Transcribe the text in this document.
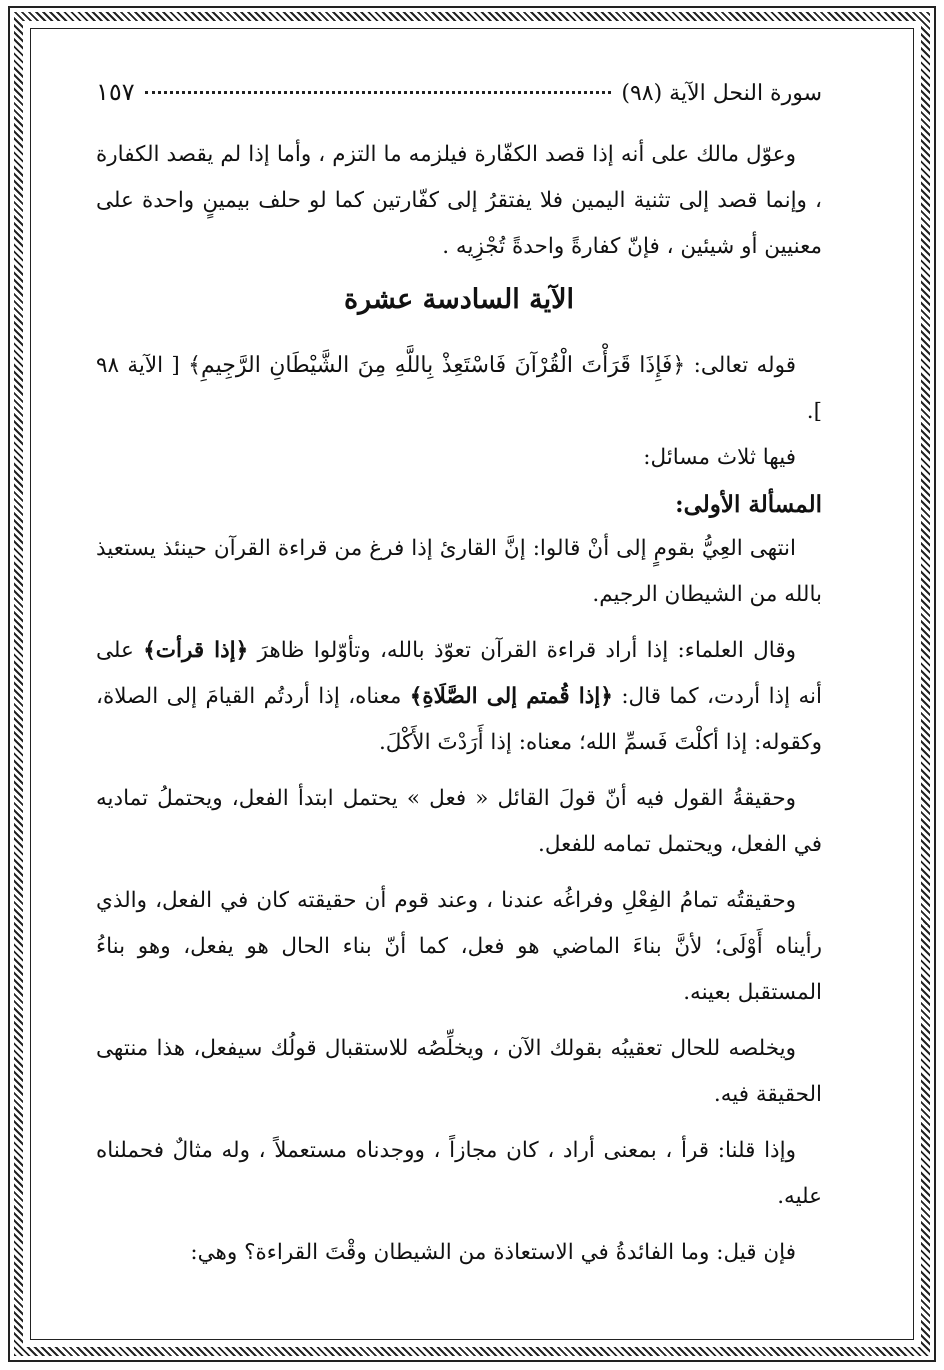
سورة النحل الآية (٩٨)
١٥٧

وعوّل مالك على أنه إذا قصد الكفّارة فيلزمه ما التزم ، وأما إذا لم يقصد الكفارة ، وإنما قصد إلى تثنية اليمين فلا يفتقرُ إلى كفّارتين كما لو حلف بيمينٍ واحدة على معنيين أو شيئين ، فإنّ كفارةً واحدةً تُجْزِيه .

الآية السادسة عشرة

قوله تعالى: ﴿فَإِذَا قَرَأْتَ الْقُرْآنَ فَاسْتَعِذْ بِاللَّهِ مِنَ الشَّيْطَانِ الرَّجِيمِ﴾ [ الآية ٩٨ ].

فيها ثلاث مسائل:

المسألة الأولى:

انتهى العِيُّ بقومٍ إلى أنْ قالوا: إنَّ القارئ إذا فرغ من قراءة القرآن حينئذ يستعيذ بالله من الشيطان الرجيم.

وقال العلماء: إذا أراد قراءة القرآن تعوّذ بالله، وتأوّلوا ظاهرَ ﴿إذا قرأت﴾ على أنه إذا أردت، كما قال: ﴿إذا قُمتم إلى الصَّلَاةِ﴾ معناه، إذا أردتُم القيامَ إلى الصلاة، وكقوله: إذا أكلْتَ فَسمِّ الله؛ معناه: إذا أَرَدْتَ الأَكْلَ.

وحقيقةُ القول فيه أنّ قولَ القائل « فعل » يحتمل ابتدأ الفعل، ويحتملُ تماديه في الفعل، ويحتمل تمامه للفعل.

وحقيقتُه تمامُ الفِعْلِ وفراغُه عندنا ، وعند قوم أن حقيقته كان في الفعل، والذي رأيناه أَوْلَى؛ لأنَّ بناءَ الماضي هو فعل، كما أنّ بناء الحال هو يفعل، وهو بناءُ المستقبل بعينه.

ويخلصه للحال تعقيبُه بقولك الآن ، ويخلِّصُه للاستقبال قولُك سيفعل، هذا منتهى الحقيقة فيه.

وإذا قلنا: قرأ ، بمعنى أراد ، كان مجازاً ، ووجدناه مستعملاً ، وله مثالٌ فحملناه عليه.

فإن قيل: وما الفائدةُ في الاستعاذة من الشيطان وقْتَ القراءة؟ وهي:
